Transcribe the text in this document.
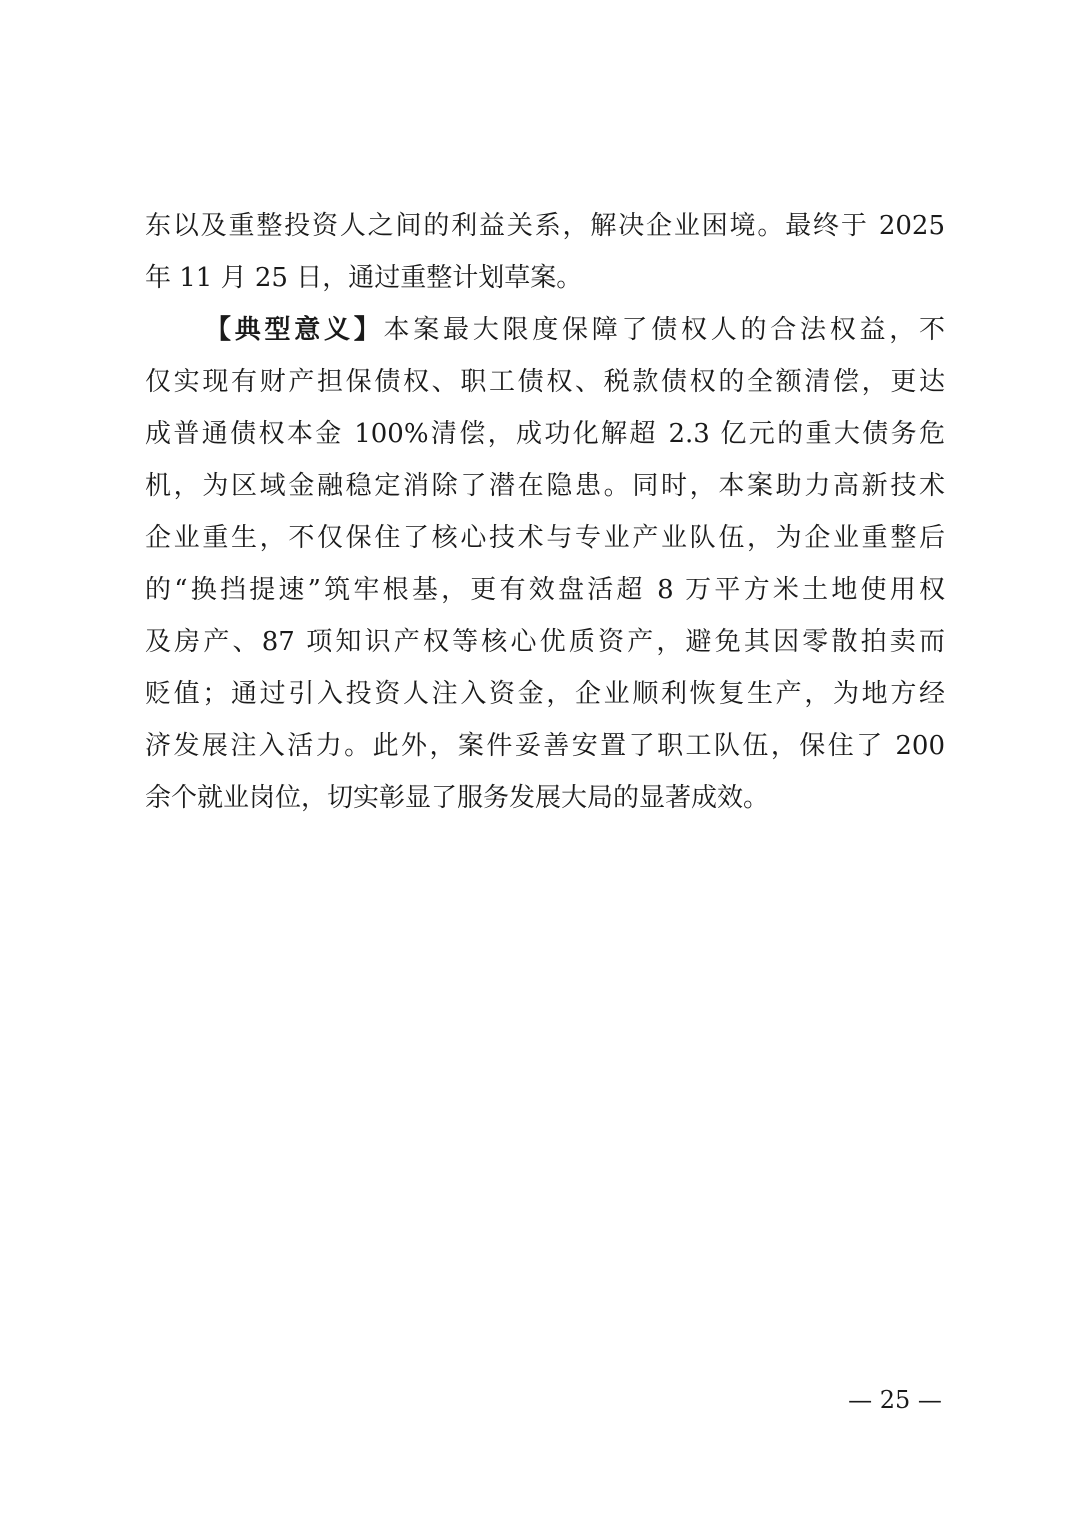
东以及重整投资人之间的利益关系，解决企业困境。最终于 2025
年 11 月 25 日，通过重整计划草案。
【典型意义】本案最大限度保障了债权人的合法权益，不
仅实现有财产担保债权、职工债权、税款债权的全额清偿，更达
成普通债权本金 100%清偿，成功化解超 2.3 亿元的重大债务危
机，为区域金融稳定消除了潜在隐患。同时，本案助力高新技术
企业重生，不仅保住了核心技术与专业产业队伍，为企业重整后
的“换挡提速”筑牢根基，更有效盘活超 8 万平方米土地使用权
及房产、87 项知识产权等核心优质资产，避免其因零散拍卖而
贬值；通过引入投资人注入资金，企业顺利恢复生产，为地方经
济发展注入活力。此外，案件妥善安置了职工队伍，保住了 200
余个就业岗位，切实彰显了服务发展大局的显著成效。
— 25 —
